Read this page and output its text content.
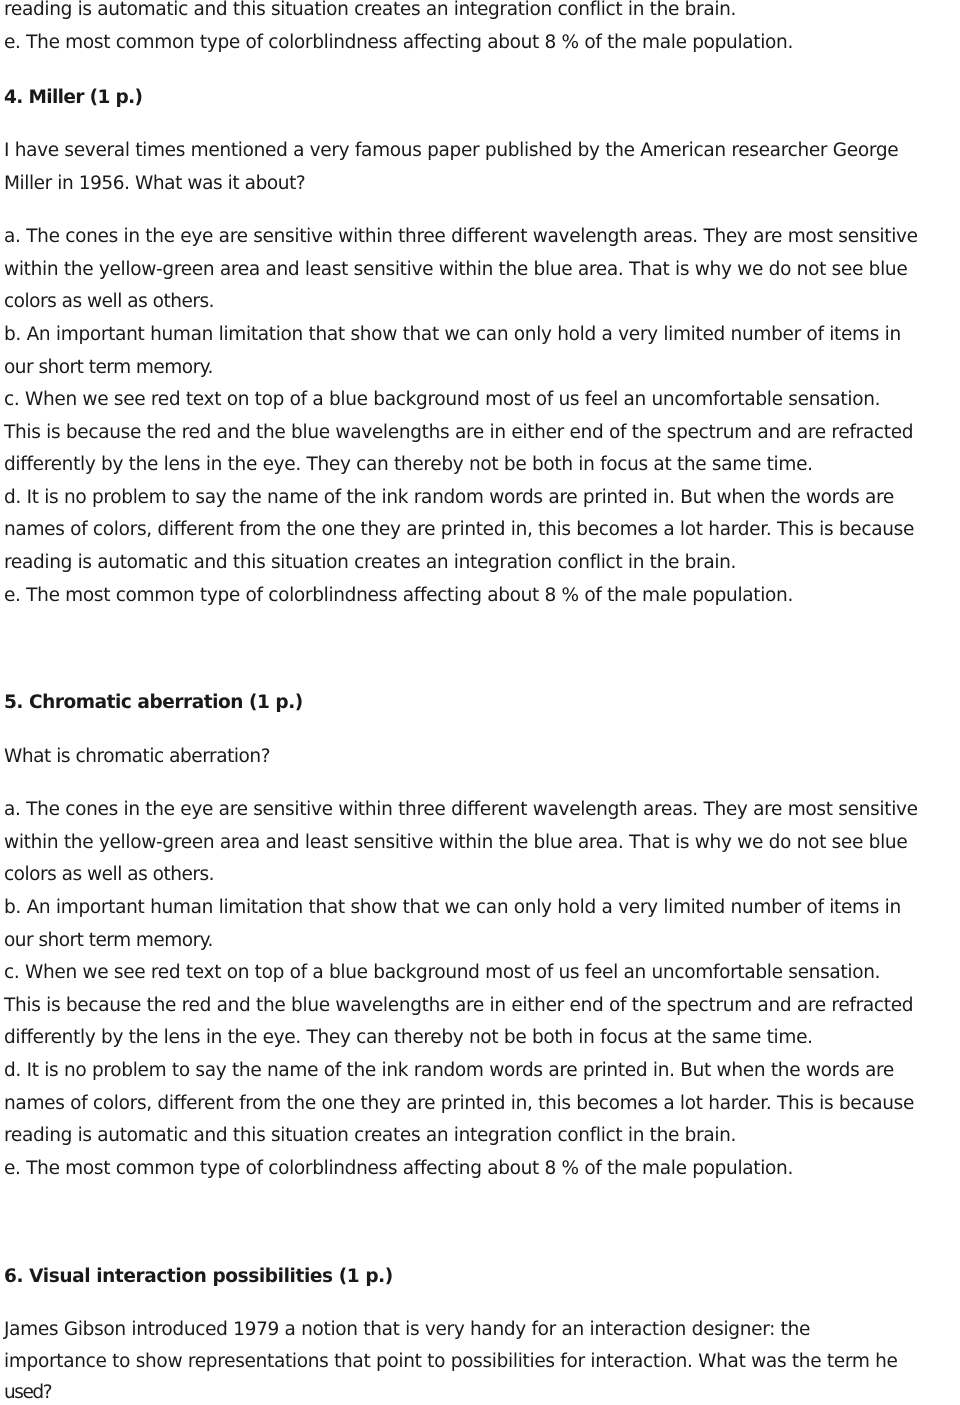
reading is automatic and this situation creates an integration conflict in the brain.
e. The most common type of colorblindness affecting about 8 % of the male population.
4. Miller (1 p.)
I have several times mentioned a very famous paper published by the American researcher George
Miller in 1956. What was it about?
a. The cones in the eye are sensitive within three different wavelength areas. They are most sensitive
within the yellow-green area and least sensitive within the blue area. That is why we do not see blue
colors as well as others.
b. An important human limitation that show that we can only hold a very limited number of items in
our short term memory.
c. When we see red text on top of a blue background most of us feel an uncomfortable sensation.
This is because the red and the blue wavelengths are in either end of the spectrum and are refracted
differently by the lens in the eye. They can thereby not be both in focus at the same time.
d. It is no problem to say the name of the ink random words are printed in. But when the words are
names of colors, different from the one they are printed in, this becomes a lot harder. This is because
reading is automatic and this situation creates an integration conflict in the brain.
e. The most common type of colorblindness affecting about 8 % of the male population.
5. Chromatic aberration (1 p.)
What is chromatic aberration?
a. The cones in the eye are sensitive within three different wavelength areas. They are most sensitive
within the yellow-green area and least sensitive within the blue area. That is why we do not see blue
colors as well as others.
b. An important human limitation that show that we can only hold a very limited number of items in
our short term memory.
c. When we see red text on top of a blue background most of us feel an uncomfortable sensation.
This is because the red and the blue wavelengths are in either end of the spectrum and are refracted
differently by the lens in the eye. They can thereby not be both in focus at the same time.
d. It is no problem to say the name of the ink random words are printed in. But when the words are
names of colors, different from the one they are printed in, this becomes a lot harder. This is because
reading is automatic and this situation creates an integration conflict in the brain.
e. The most common type of colorblindness affecting about 8 % of the male population.
6. Visual interaction possibilities (1 p.)
James Gibson introduced 1979 a notion that is very handy for an interaction designer: the
importance to show representations that point to possibilities for interaction. What was the term he
used?
